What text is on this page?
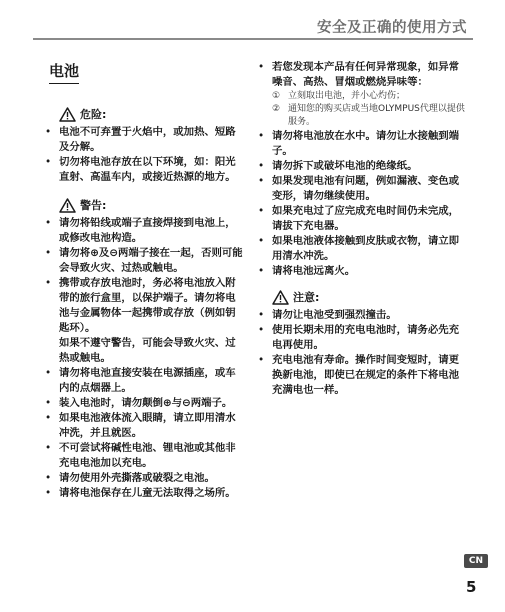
安全及正确的使用方式
电池
危险:
• 电池不可弃置于火焰中，或加热、短路及分解。
• 切勿将电池存放在以下环境，如：阳光直射、高温车内，或接近热源的地方。
警告:
• 请勿将铅线或端子直接焊接到电池上，或修改电池构造。
• 请勿将⊕及⊖两端子接在一起，否则可能会导致火灾、过热或触电。
• 携带或存放电池时，务必将电池放入附带的旅行盒里，以保护端子。请勿将电池与金属物体一起携带或存放（例如钥匙环）。
如果不遵守警告，可能会导致火灾、过热或触电。
• 请勿将电池直接安装在电源插座，或车内的点烟器上。
• 装入电池时，请勿颠倒⊕与⊖两端子。
• 如果电池液体流入眼睛，请立即用清水冲洗，并且就医。
• 不可尝试将碱性电池、锂电池或其他非充电电池加以充电。
• 请勿使用外壳撕落或破裂之电池。
• 请将电池保存在儿童无法取得之场所。
• 若您发现本产品有任何异常现象，如异常噪音、高热、冒烟或燃烧异味等：
① 立刻取出电池，并小心灼伤；
② 通知您的购买店或当地OLYMPUS代理以提供服务。
• 请勿将电池放在水中。请勿让水接触到端子。
• 请勿拆下或破坏电池的绝缘纸。
• 如果发现电池有问题，例如漏液、变色或变形，请勿继续使用。
• 如果充电过了应完成充电时间仍未完成，请拔下充电器。
• 如果电池液体接触到皮肤或衣物，请立即用清水冲洗。
• 请将电池远离火。
注意:
• 请勿让电池受到强烈撞击。
• 使用长期未用的充电电池时，请务必先充电再使用。
• 充电电池有寿命。操作时间变短时，请更换新电池，即使已在规定的条件下将电池充满电也一样。
CN
5
